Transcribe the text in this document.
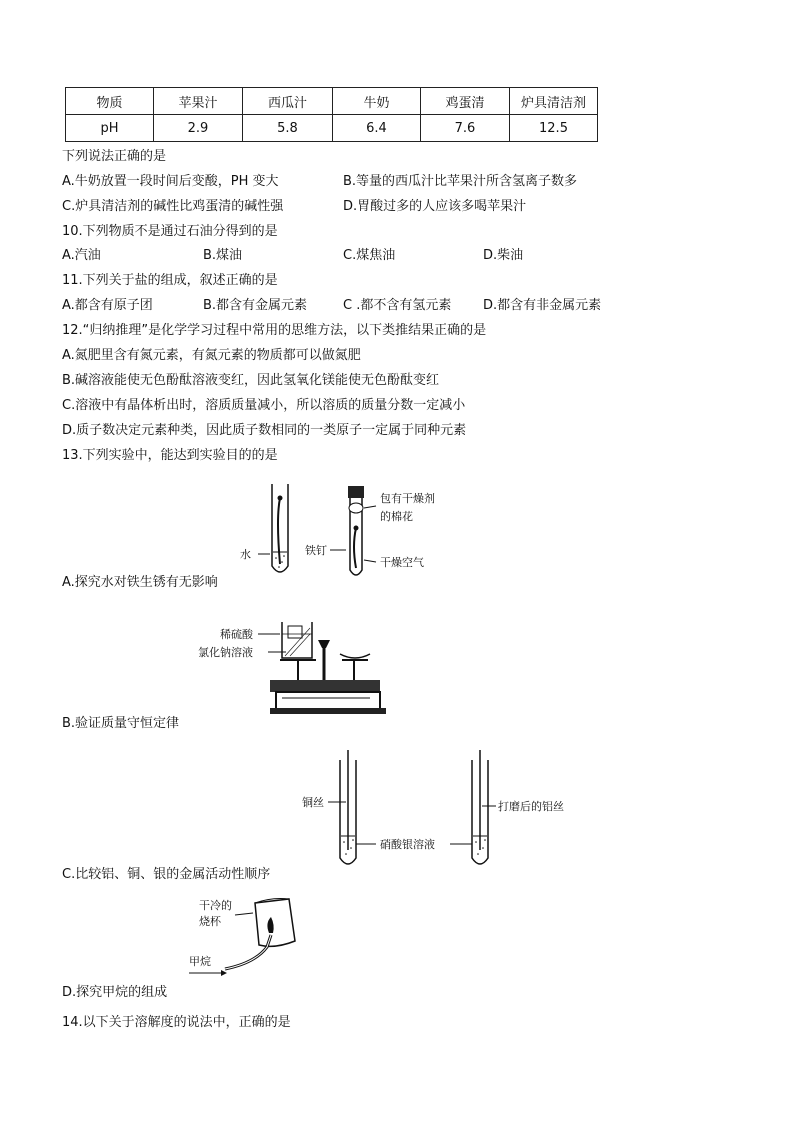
物质	苹果汁	西瓜汁	牛奶	鸡蛋清	炉具清洁剂
pH	2.9	5.8	6.4	7.6	12.5
下列说法正确的是
A.牛奶放置一段时间后变酸，PH 变大	B.等量的西瓜汁比苹果汁所含氢离子数多
C.炉具清洁剂的碱性比鸡蛋清的碱性强	D.胃酸过多的人应该多喝苹果汁
10.下列物质不是通过石油分得到的是
A.汽油	B.煤油	C.煤焦油	D.柴油
11.下列关于盐的组成，叙述正确的是
A.都含有原子团	B.都含有金属元素	C .都不含有氢元素 D.都含有非金属元素
12.“归纳推理”是化学学习过程中常用的思维方法，以下类推结果正确的是
A.氮肥里含有氮元素，有氮元素的物质都可以做氮肥
B.碱溶液能使无色酚酞溶液变红，因此氢氧化镁能使无色酚酞变红
C.溶液中有晶体析出时，溶质质量减小，所以溶质的质量分数一定减小
D.质子数决定元素种类，因此质子数相同的一类原子一定属于同种元素
13.下列实验中，能达到实验目的的是
水	铁钉
包有干燥剂
的棉花
干燥空气
A.探究水对铁生锈有无影响
稀硫酸
氯化钠溶液
B.验证质量守恒定律
铜丝
硝酸银溶液
打磨后的铝丝
C.比较铝、铜、银的金属活动性顺序
干冷的
烧杯
甲烷
D.探究甲烷的组成
14.以下关于溶解度的说法中，正确的是
